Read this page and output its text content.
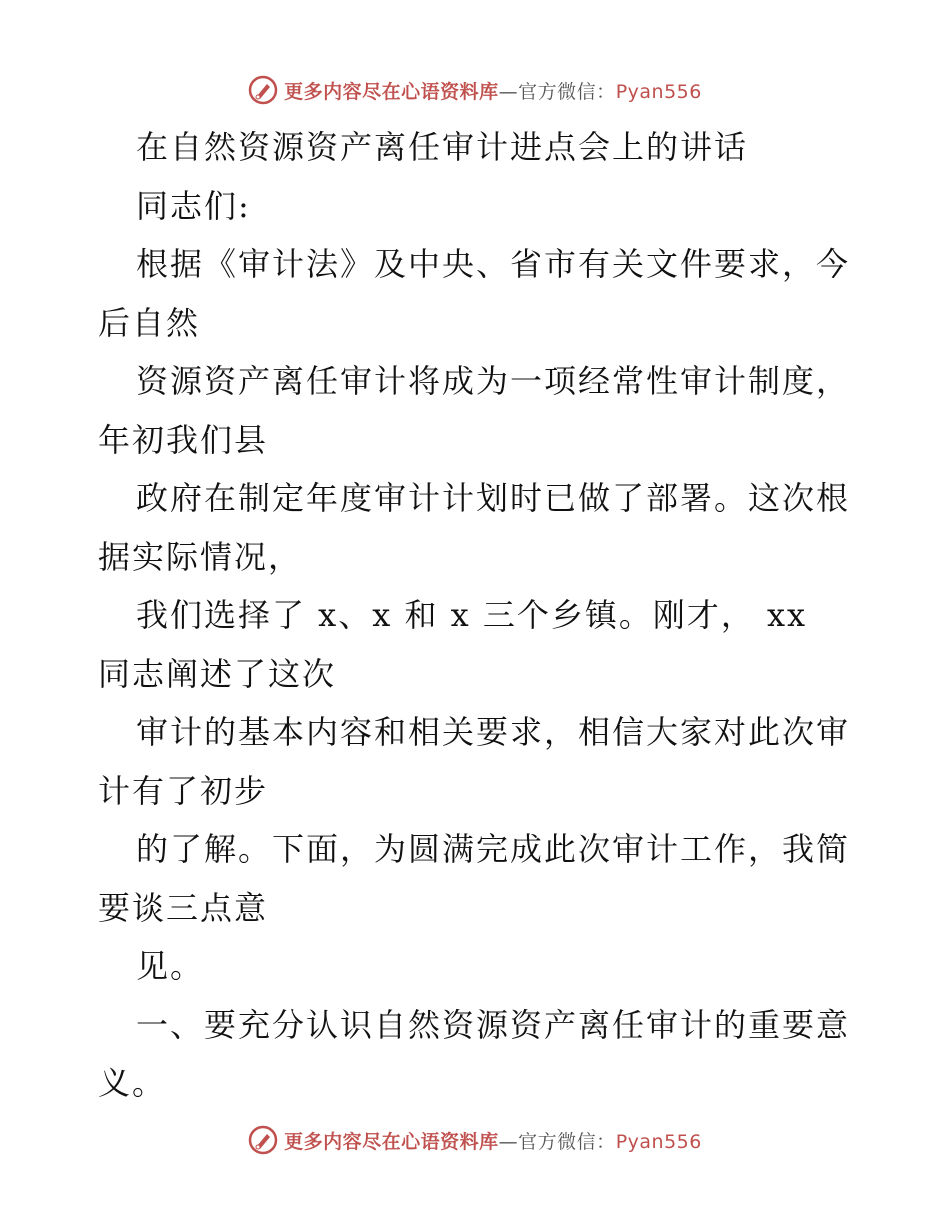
更多内容尽在心语资料库—官方微信：Pyan556
在自然资源资产离任审计进点会上的讲话
同志们:
根据《审计法》及中央、省市有关文件要求，今
后自然
资源资产离任审计将成为一项经常性审计制度，
年初我们县
政府在制定年度审计计划时已做了部署。这次根
据实际情况，
我们选择了 x、x 和 x 三个乡镇。刚才， xx
同志阐述了这次
审计的基本内容和相关要求，相信大家对此次审
计有了初步
的了解。下面，为圆满完成此次审计工作，我简
要谈三点意
见。
一、要充分认识自然资源资产离任审计的重要意
义。
更多内容尽在心语资料库—官方微信：Pyan556
